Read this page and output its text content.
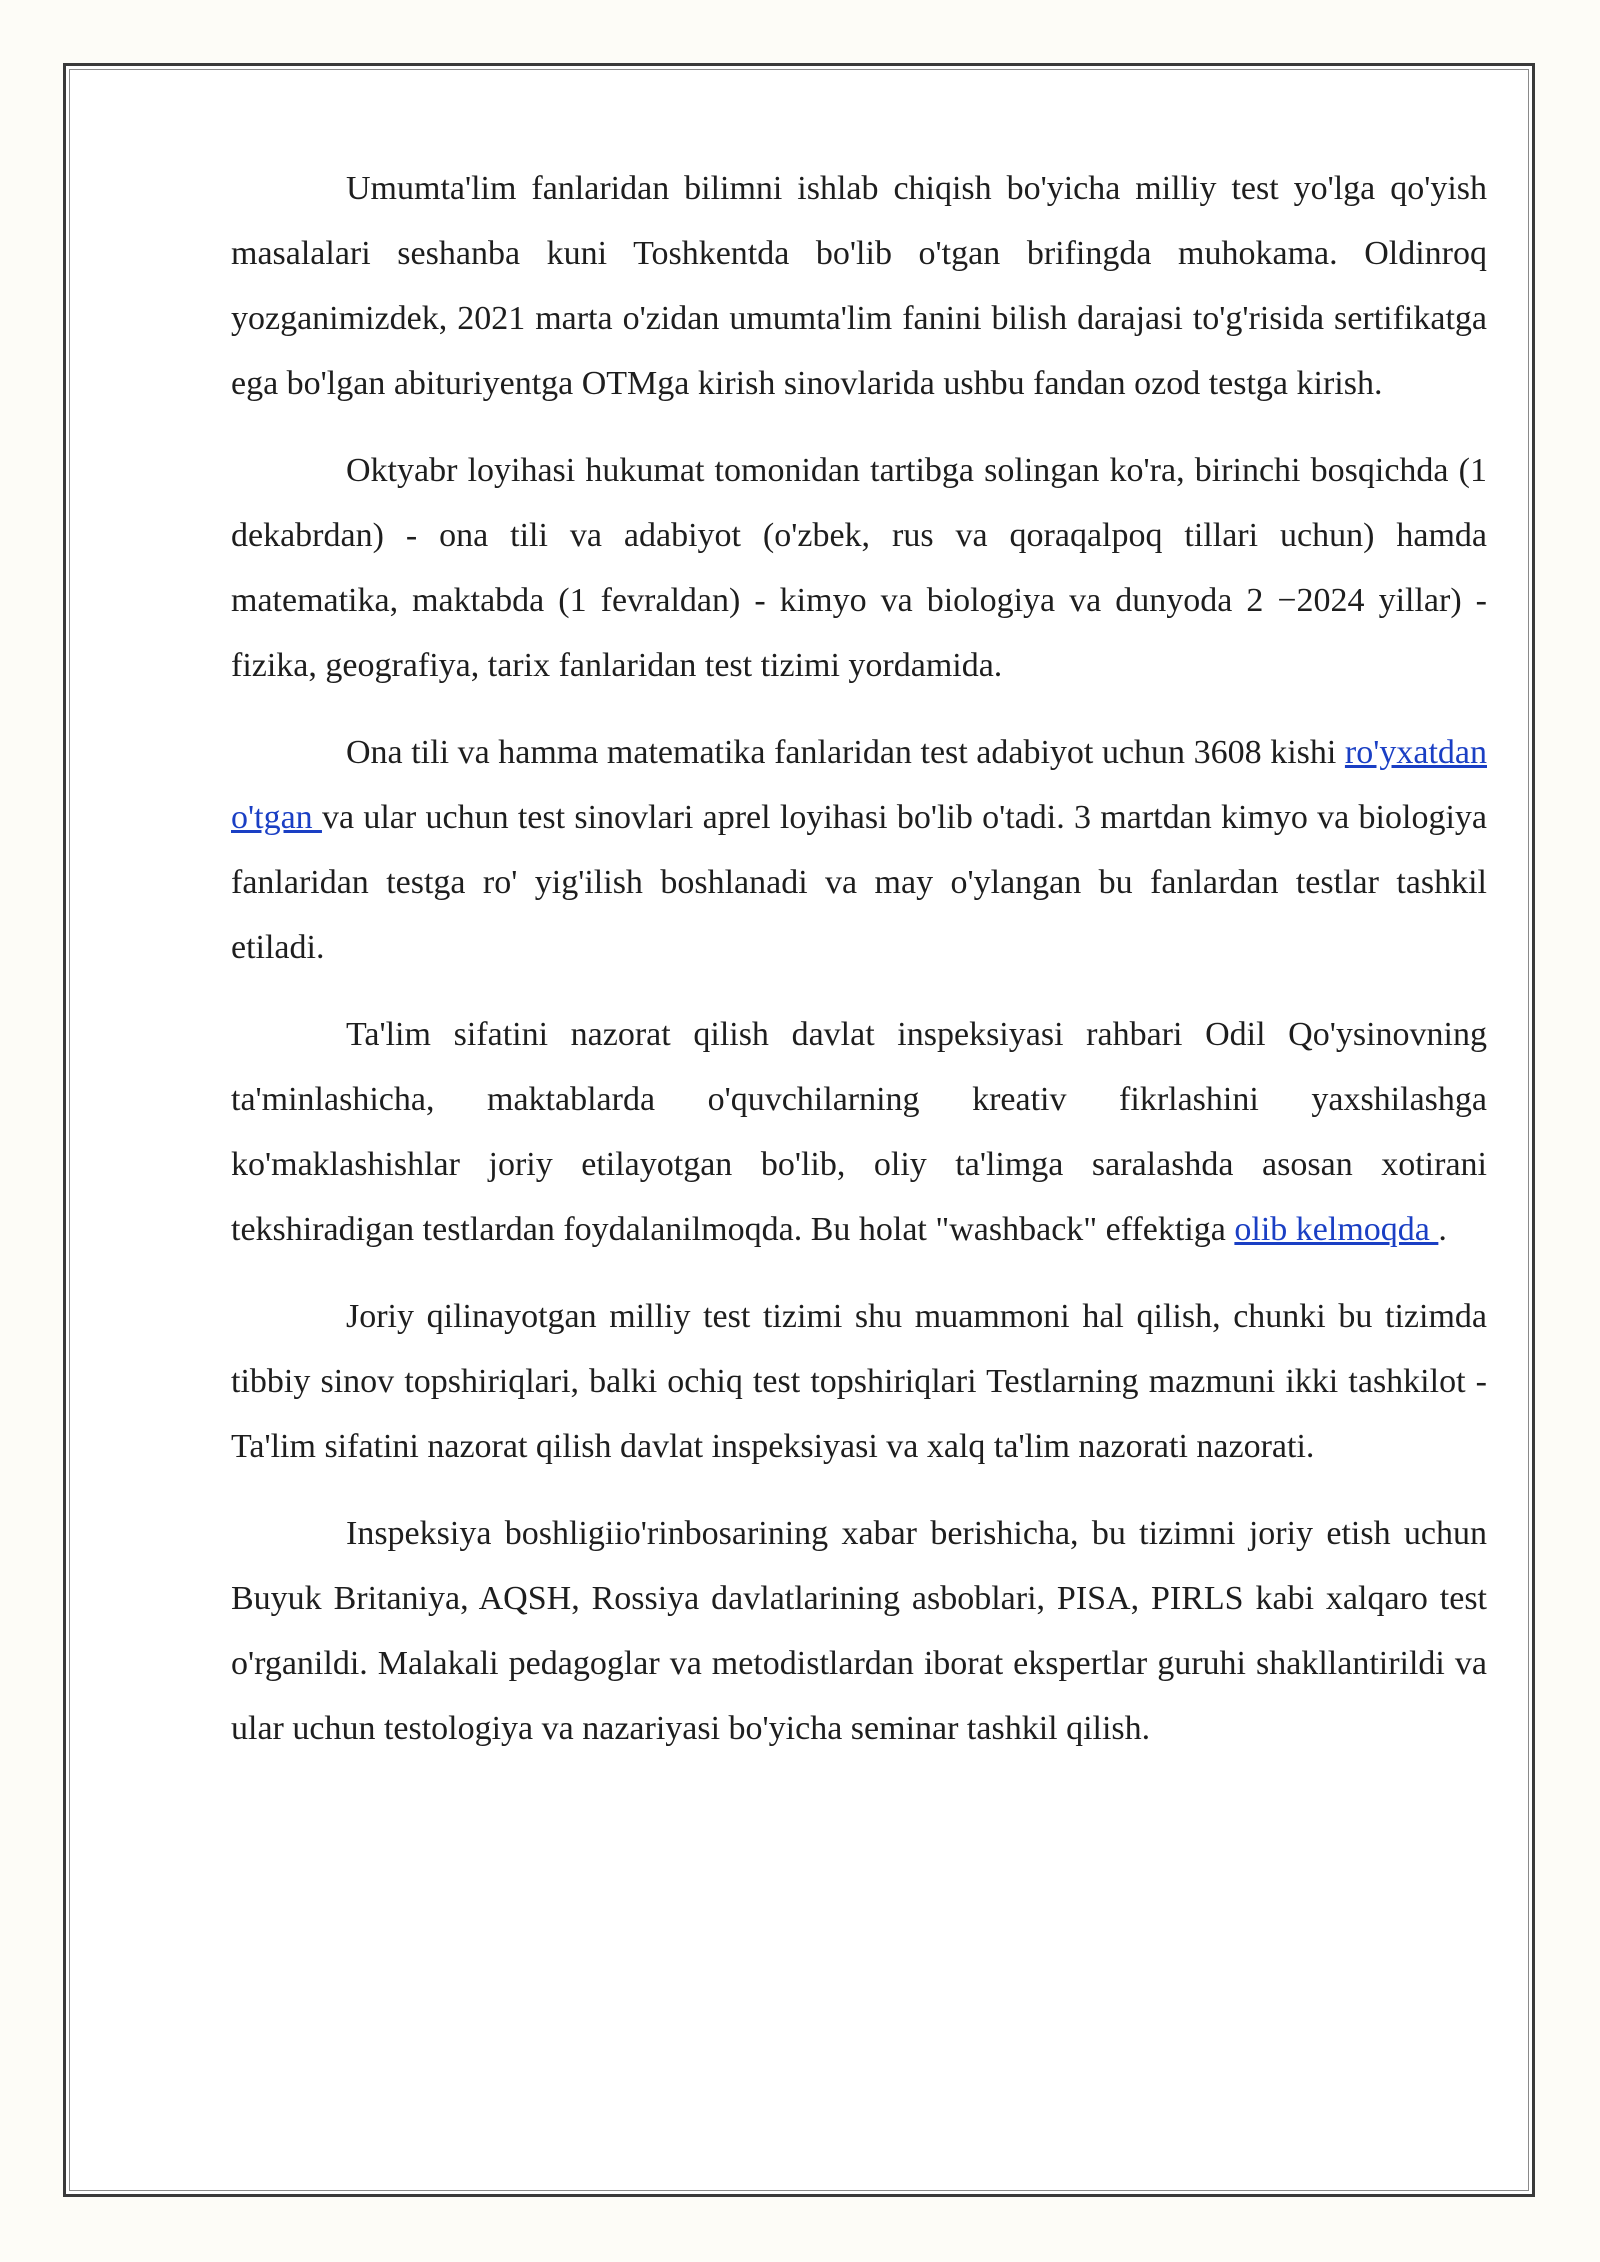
Umumta'lim fanlaridan bilimni ishlab chiqish bo'yicha milliy test yo'lga qo'yish masalalari seshanba kuni Toshkentda bo'lib o'tgan brifingda muhokama. Oldinroq yozganimizdek, 2021 marta o'zidan umumta'lim fanini bilish darajasi to'g'risida sertifikatga ega bo'lgan abituriyentga OTMga kirish sinovlarida ushbu fandan ozod testga kirish.

Oktyabr loyihasi hukumat tomonidan tartibga solingan ko'ra, birinchi bosqichda (1 dekabrdan) - ona tili va adabiyot (o'zbek, rus va qoraqalpoq tillari uchun) hamda matematika, maktabda (1 fevraldan) - kimyo va biologiya va dunyoda 2 −2024 yillar) - fizika, geografiya, tarix fanlaridan test tizimi yordamida.

Ona tili va hamma matematika fanlaridan test adabiyot uchun 3608 kishi ro'yxatdan o'tgan va ular uchun test sinovlari aprel loyihasi bo'lib o'tadi. 3 martdan kimyo va biologiya fanlaridan testga ro' yig'ilish boshlanadi va may o'ylangan bu fanlardan testlar tashkil etiladi.

Ta'lim sifatini nazorat qilish davlat inspeksiyasi rahbari Odil Qo'ysinovning ta'minlashicha, maktablarda o'quvchilarning kreativ fikrlashini yaxshilashga ko'maklashishlar joriy etilayotgan bo'lib, oliy ta'limga saralashda asosan xotirani tekshiradigan testlardan foydalanilmoqda. Bu holat "washback" effektiga olib kelmoqda .

Joriy qilinayotgan milliy test tizimi shu muammoni hal qilish, chunki bu tizimda tibbiy sinov topshiriqlari, balki ochiq test topshiriqlari Testlarning mazmuni ikki tashkilot - Ta'lim sifatini nazorat qilish davlat inspeksiyasi va xalq ta'lim nazorati nazorati.

Inspeksiya boshligiio'rinbosarining xabar berishicha, bu tizimni joriy etish uchun Buyuk Britaniya, AQSH, Rossiya davlatlarining asboblari, PISA, PIRLS kabi xalqaro test o'rganildi. Malakali pedagoglar va metodistlardan iborat ekspertlar guruhi shakllantirildi va ular uchun testologiya va nazariyasi bo'yicha seminar tashkil qilish.
